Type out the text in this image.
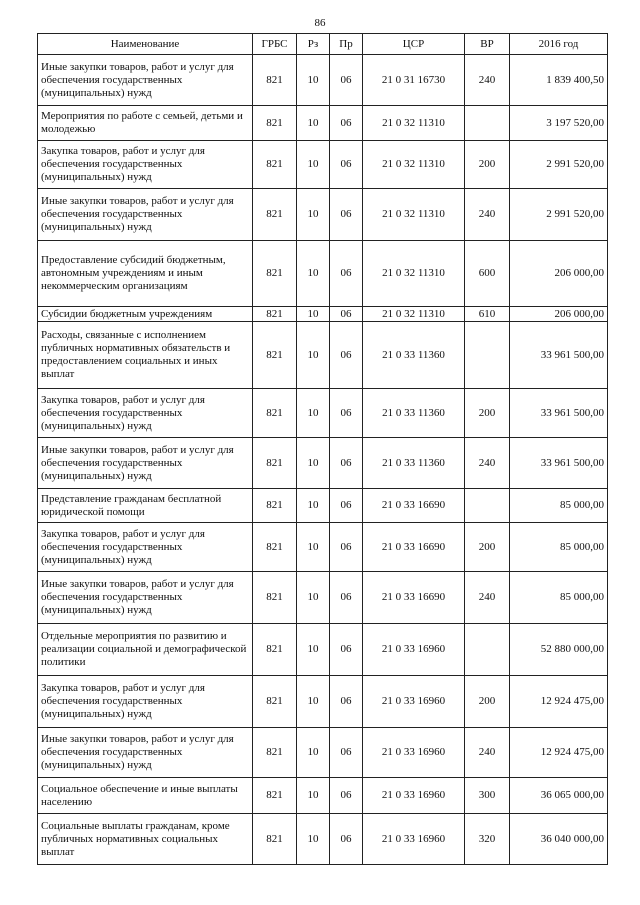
86
Наименование	ГРБС	Рз	Пр	ЦСР	ВР	2016 год
Иные закупки товаров, работ и услуг для обеспечения государственных (муниципальных) нужд	821	10	06	21 0 31 16730	240	1 839 400,50
Мероприятия по работе с семьей, детьми и молодежью	821	10	06	21 0 32 11310		3 197 520,00
Закупка товаров, работ и услуг для обеспечения государственных (муниципальных) нужд	821	10	06	21 0 32 11310	200	2 991 520,00
Иные закупки товаров, работ и услуг для обеспечения государственных (муниципальных) нужд	821	10	06	21 0 32 11310	240	2 991 520,00
Предоставление субсидий бюджетным, автономным учреждениям и иным некоммерческим организациям	821	10	06	21 0 32 11310	600	206 000,00
Субсидии бюджетным учреждениям	821	10	06	21 0 32 11310	610	206 000,00
Расходы, связанные с исполнением публичных нормативных обязательств и предоставлением социальных и иных выплат	821	10	06	21 0 33 11360		33 961 500,00
Закупка товаров, работ и услуг для обеспечения государственных (муниципальных) нужд	821	10	06	21 0 33 11360	200	33 961 500,00
Иные закупки товаров, работ и услуг для обеспечения государственных (муниципальных) нужд	821	10	06	21 0 33 11360	240	33 961 500,00
Представление гражданам бесплатной юридической помощи	821	10	06	21 0 33 16690		85 000,00
Закупка товаров, работ и услуг для обеспечения государственных (муниципальных) нужд	821	10	06	21 0 33 16690	200	85 000,00
Иные закупки товаров, работ и услуг для обеспечения государственных (муниципальных) нужд	821	10	06	21 0 33 16690	240	85 000,00
Отдельные мероприятия по развитию и реализации социальной и демографической политики	821	10	06	21 0 33 16960		52 880 000,00
Закупка товаров, работ и услуг для обеспечения государственных (муниципальных) нужд	821	10	06	21 0 33 16960	200	12 924 475,00
Иные закупки товаров, работ и услуг для обеспечения государственных (муниципальных) нужд	821	10	06	21 0 33 16960	240	12 924 475,00
Социальное обеспечение и иные выплаты населению	821	10	06	21 0 33 16960	300	36 065 000,00
Социальные выплаты гражданам, кроме публичных нормативных социальных выплат	821	10	06	21 0 33 16960	320	36 040 000,00
